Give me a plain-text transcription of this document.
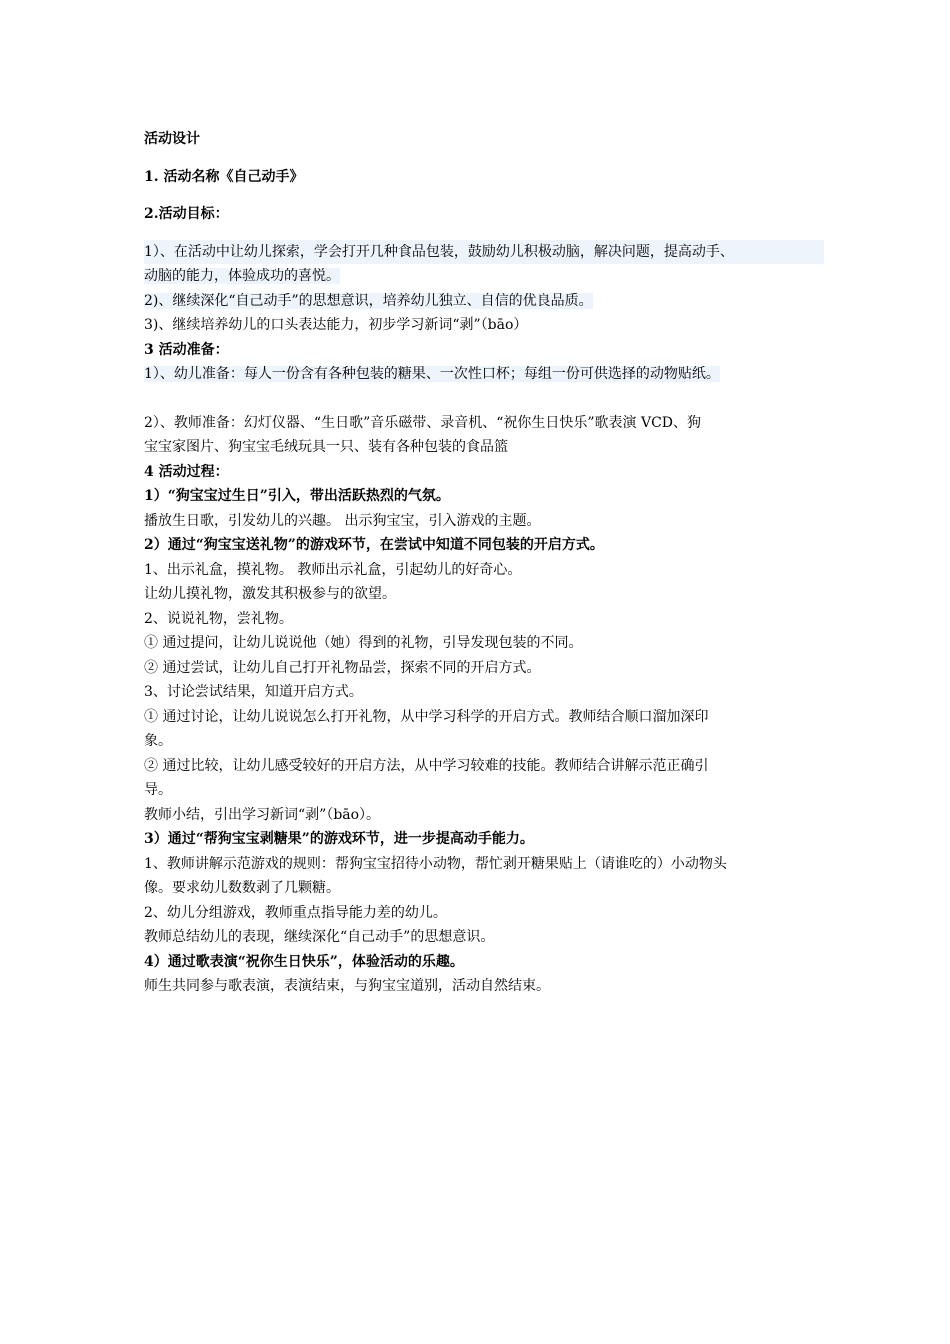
活动设计
1. 活动名称《自己动手》
2.活动目标：
1）、在活动中让幼儿探索，学会打开几种食品包装，鼓励幼儿积极动脑，解决问题，提高动手、
动脑的能力，体验成功的喜悦。
2)、继续深化“自己动手”的思想意识，培养幼儿独立、自信的优良品质。
3)、继续培养幼儿的口头表达能力，初步学习新词“剥”（bāo）
3 活动准备：
1）、幼儿准备：每人一份含有各种包装的糖果、一次性口杯；每组一份可供选择的动物贴纸。
2）、教师准备：幻灯仪器、“生日歌”音乐磁带、录音机、“祝你生日快乐”歌表演 VCD、狗
宝宝家图片、狗宝宝毛绒玩具一只、装有各种包装的食品篮
4 活动过程：
1）“狗宝宝过生日”引入，带出活跃热烈的气氛。
播放生日歌，引发幼儿的兴趣。 出示狗宝宝，引入游戏的主题。
2）通过“狗宝宝送礼物”的游戏环节，在尝试中知道不同包装的开启方式。
1、出示礼盒，摸礼物。 教师出示礼盒，引起幼儿的好奇心。
让幼儿摸礼物，激发其积极参与的欲望。
2、说说礼物，尝礼物。
① 通过提问，让幼儿说说他（她）得到的礼物，引导发现包装的不同。
② 通过尝试，让幼儿自己打开礼物品尝，探索不同的开启方式。
3、讨论尝试结果，知道开启方式。
① 通过讨论，让幼儿说说怎么打开礼物，从中学习科学的开启方式。教师结合顺口溜加深印
象。
② 通过比较，让幼儿感受较好的开启方法，从中学习较难的技能。教师结合讲解示范正确引
导。
教师小结，引出学习新词“剥”（bāo）。
3）通过“帮狗宝宝剥糖果”的游戏环节，进一步提高动手能力。
1、教师讲解示范游戏的规则：帮狗宝宝招待小动物，帮忙剥开糖果贴上（请谁吃的）小动物头
像。要求幼儿数数剥了几颗糖。
2、幼儿分组游戏，教师重点指导能力差的幼儿。
教师总结幼儿的表现，继续深化“自己动手”的思想意识。
4）通过歌表演“祝你生日快乐”，体验活动的乐趣。
师生共同参与歌表演，表演结束，与狗宝宝道别，活动自然结束。
